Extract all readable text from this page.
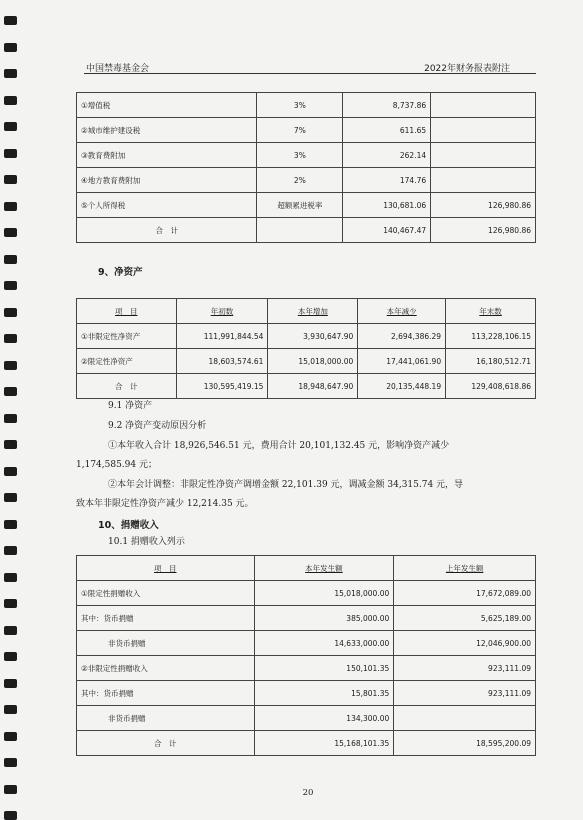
中国禁毒基金会	2022年财务报表附注
①增值税	3%	8,737.86	
②城市维护建设税	7%	611.65	
③教育费附加	3%	262.14	
④地方教育费附加	2%	174.76	
⑤个人所得税	超额累进税率	130,681.06	126,980.86
合　计		140,467.47	126,980.86
9、净资产
项　目	年初数	本年增加	本年减少	年末数
①非限定性净资产	111,991,844.54	3,930,647.90	2,694,386.29	113,228,106.15
②限定性净资产	18,603,574.61	15,018,000.00	17,441,061.90	16,180,512.71
合　计	130,595,419.15	18,948,647.90	20,135,448.19	129,408,618.86
9.1 净资产
9.2 净资产变动原因分析
①本年收入合计 18,926,546.51 元，费用合计 20,101,132.45 元，影响净资产减少
1,174,585.94 元；
②本年会计调整：非限定性净资产调增金额 22,101.39 元，调减金额 34,315.74 元，导
致本年非限定性净资产减少 12,214.35 元。
10、捐赠收入
10.1 捐赠收入列示
项　目	本年发生额	上年发生额
①限定性捐赠收入	15,018,000.00	17,672,089.00
其中：货币捐赠	385,000.00	5,625,189.00
　　非货币捐赠	14,633,000.00	12,046,900.00
②非限定性捐赠收入	150,101.35	923,111.09
其中：货币捐赠	15,801.35	923,111.09
　　非货币捐赠	134,300.00	
合　计	15,168,101.35	18,595,200.09
20
